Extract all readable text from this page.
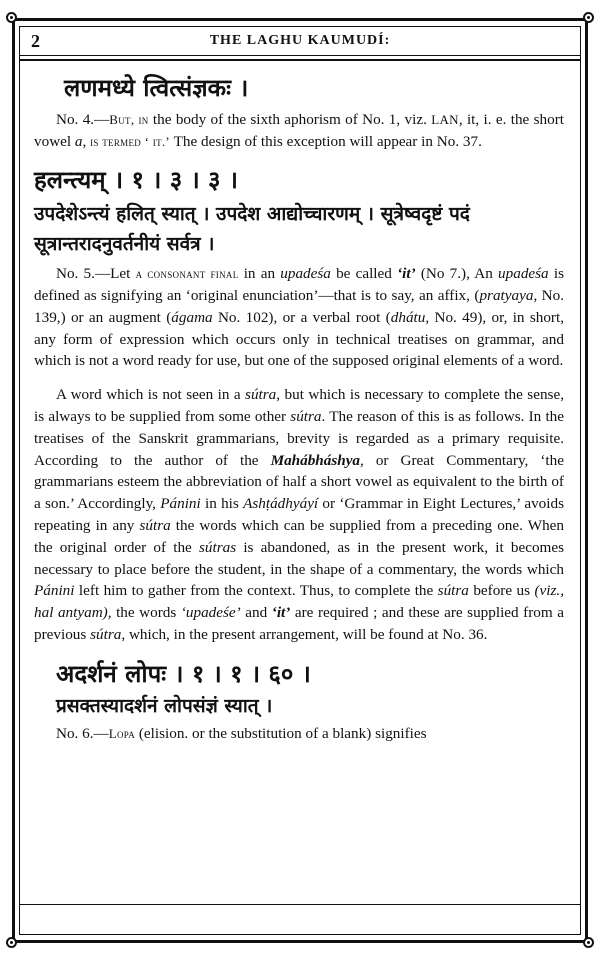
2	THE LAGHU KAUMUDÍ:

लणमध्ये त्वित्संज्ञकः ।

No. 4.—But, in the body of the sixth aphorism of No. 1, viz. LAN, it, i. e. the short vowel a, is termed ‘ it.’ The design of this exception will appear in No. 37.

हलन्त्यम् । १ । ३ । ३ ।

उपदेशेऽन्त्यं हलित् स्यात् । उपदेश आद्योच्चारणम् । सूत्रेष्वदृष्टं पदं सूत्रान्तरादनुवर्तनीयं सर्वत्र ।

No. 5.—Let a consonant final in an upadeśa be called ‘it’ (No 7.), An upadeśa is defined as signifying an ‘original enunciation’—that is to say, an affix, (pratyaya, No. 139,) or an augment (ágama No. 102), or a verbal root (dhátu, No. 49), or, in short, any form of expression which occurs only in technical treatises on grammar, and which is not a word ready for use, but one of the supposed original elements of a word.

A word which is not seen in a sútra, but which is necessary to complete the sense, is always to be supplied from some other sútra. The reason of this is as follows. In the treatises of the Sanskrit grammarians, brevity is regarded as a primary requisite. According to the author of the Mahábháshya, or Great Commentary, ‘the grammarians esteem the abbreviation of half a short vowel as equivalent to the birth of a son.’ Accordingly, Pánini in his Ashṭádhyáyí or ‘Grammar in Eight Lectures,’ avoids repeating in any sútra the words which can be supplied from a preceding one. When the original order of the sútras is abandoned, as in the present work, it becomes necessary to place before the student, in the shape of a commentary, the words which Pánini left him to gather from the context. Thus, to complete the sútra before us (viz., hal antyam), the words ‘upadeśe’ and ‘it’ are required ; and these are supplied from a previous sútra, which, in the present arrangement, will be found at No. 36.

अदर्शनं लोपः । १ । १ । ६० ।

प्रसक्तस्यादर्शनं लोपसंज्ञं स्यात् ।

No. 6.—Lopa (elision. or the substitution of a blank) signifies
